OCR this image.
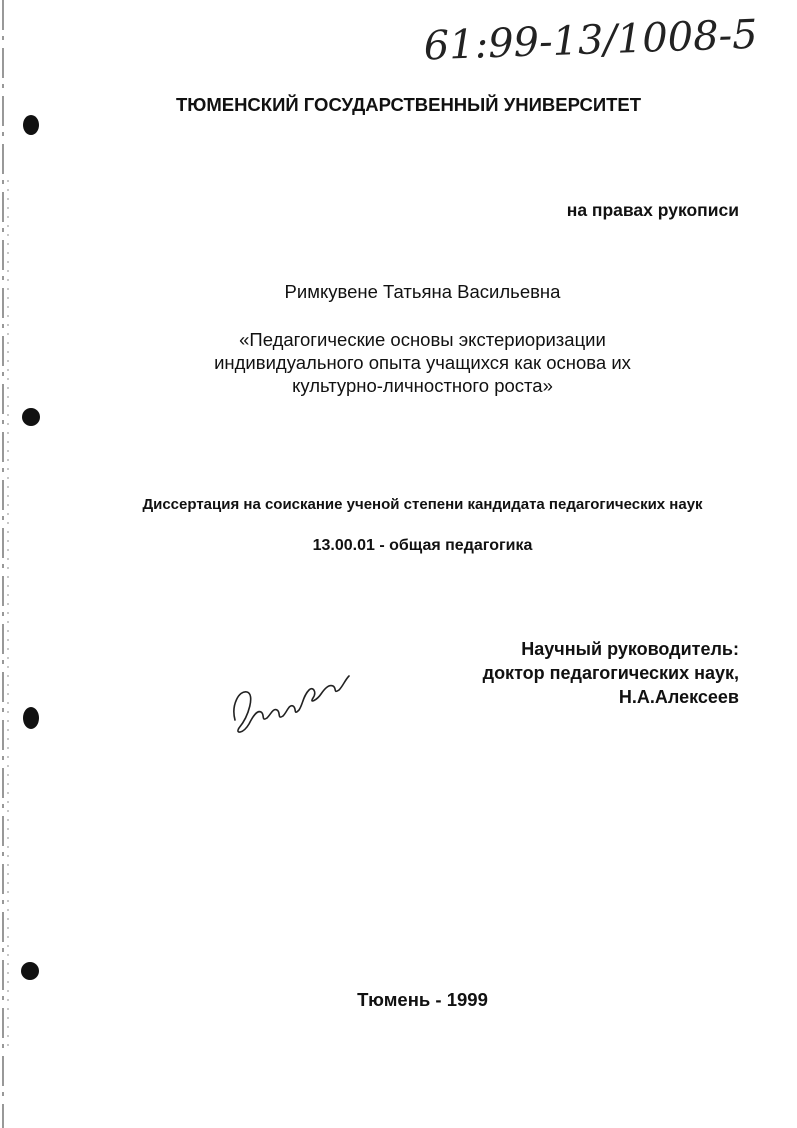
61:99-13/1008-5
ТЮМЕНСКИЙ ГОСУДАРСТВЕННЫЙ УНИВЕРСИТЕТ
на правах рукописи
Римкувене Татьяна Васильевна
«Педагогические основы экстериоризации
индивидуального опыта учащихся как основа их
культурно-личностного роста»
Диссертация на соискание ученой степени кандидата педагогических наук
13.00.01 - общая педагогика
Научный руководитель:
доктор педагогических наук,
Н.А.Алексеев
Тюмень - 1999
